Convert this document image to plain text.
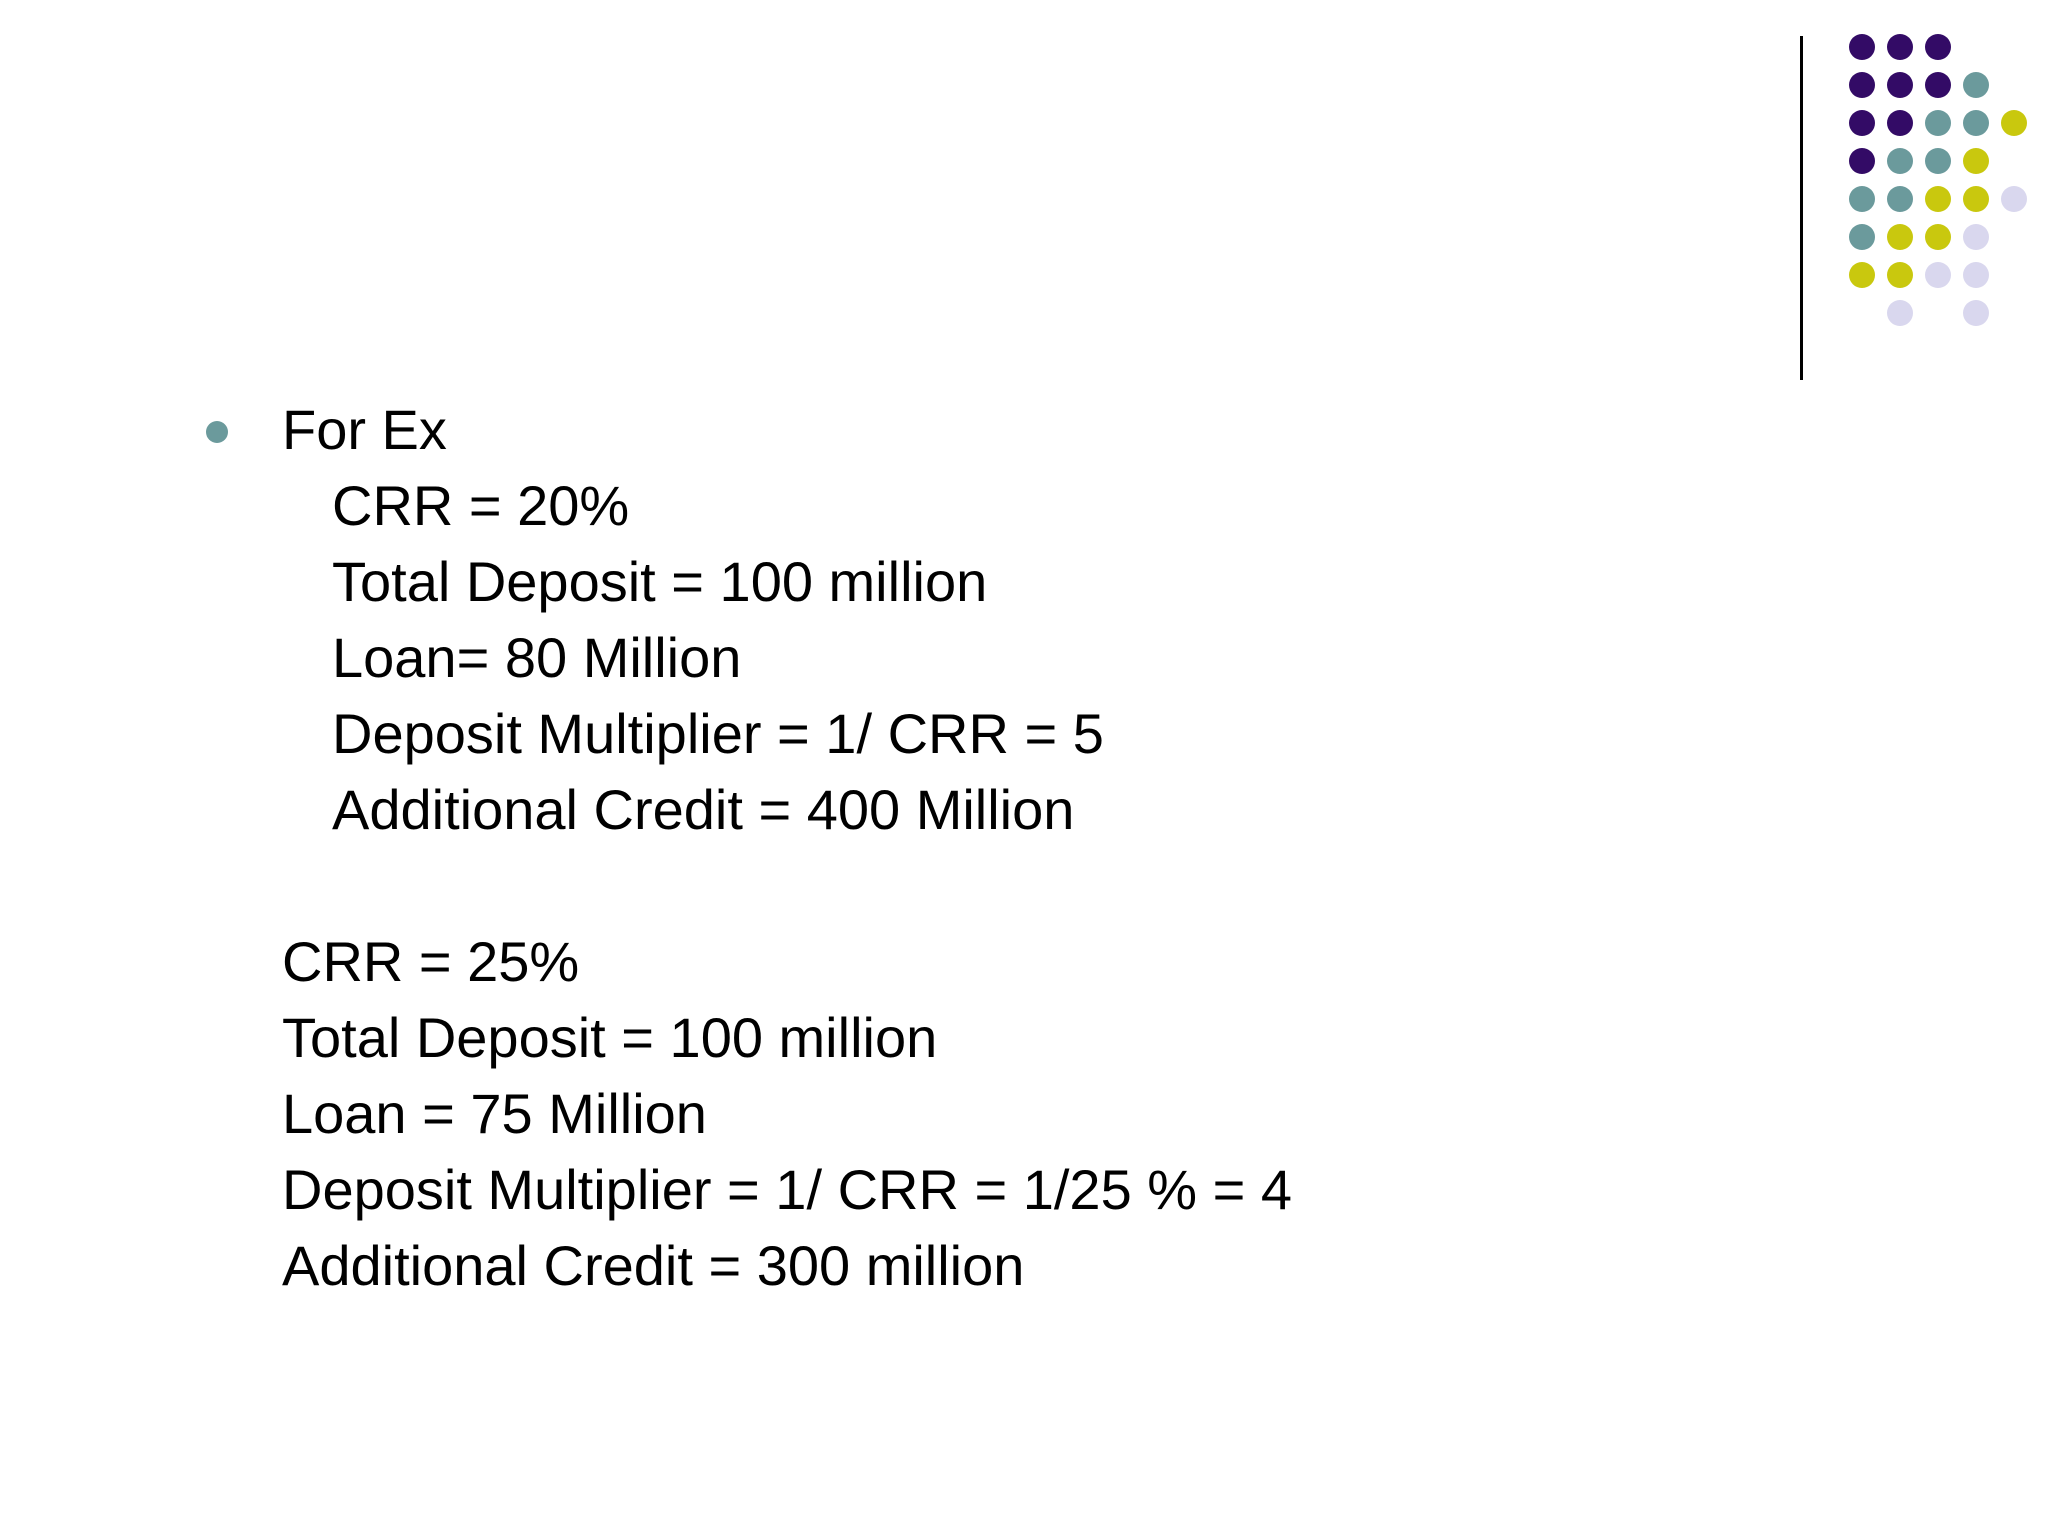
For Ex
CRR = 20%
Total Deposit = 100 million
Loan= 80 Million
Deposit Multiplier = 1/ CRR = 5
Additional Credit = 400 Million
CRR = 25%
Total Deposit = 100 million
Loan = 75 Million
Deposit Multiplier = 1/ CRR = 1/25 % = 4
Additional Credit = 300 million
